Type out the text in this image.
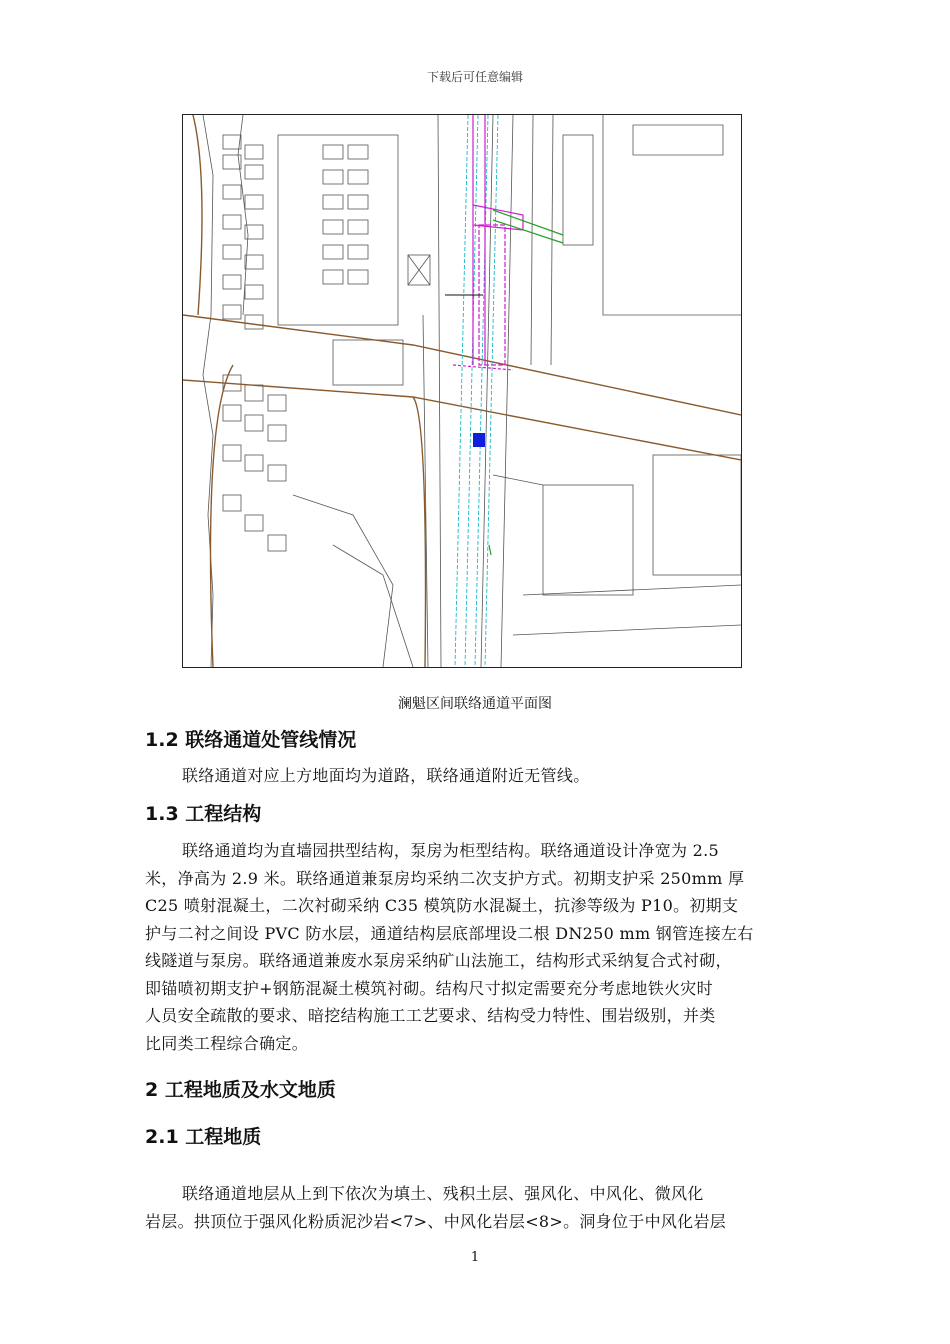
下载后可任意编辑
澜魁区间联络通道平面图
1.2 联络通道处管线情况
联络通道对应上方地面均为道路，联络通道附近无管线。
1.3 工程结构
联络通道均为直墙园拱型结构，泵房为柜型结构。联络通道设计净宽为 2.5
米，净高为 2.9 米。联络通道兼泵房均采纳二次支护方式。初期支护采 250mm 厚
C25 喷射混凝土，二次衬砌采纳 C35 模筑防水混凝土，抗渗等级为 P10。初期支
护与二衬之间设 PVC 防水层，通道结构层底部埋设二根 DN250 mm 钢管连接左右
线隧道与泵房。联络通道兼废水泵房采纳矿山法施工，结构形式采纳复合式衬砌，
即锚喷初期支护+钢筋混凝土模筑衬砌。结构尺寸拟定需要充分考虑地铁火灾时
人员安全疏散的要求、暗挖结构施工工艺要求、结构受力特性、围岩级别，并类
比同类工程综合确定。
2 工程地质及水文地质
2.1 工程地质
联络通道地层从上到下依次为填土、残积土层、强风化、中风化、微风化
岩层。拱顶位于强风化粉质泥沙岩<7>、中风化岩层<8>。洞身位于中风化岩层
1
